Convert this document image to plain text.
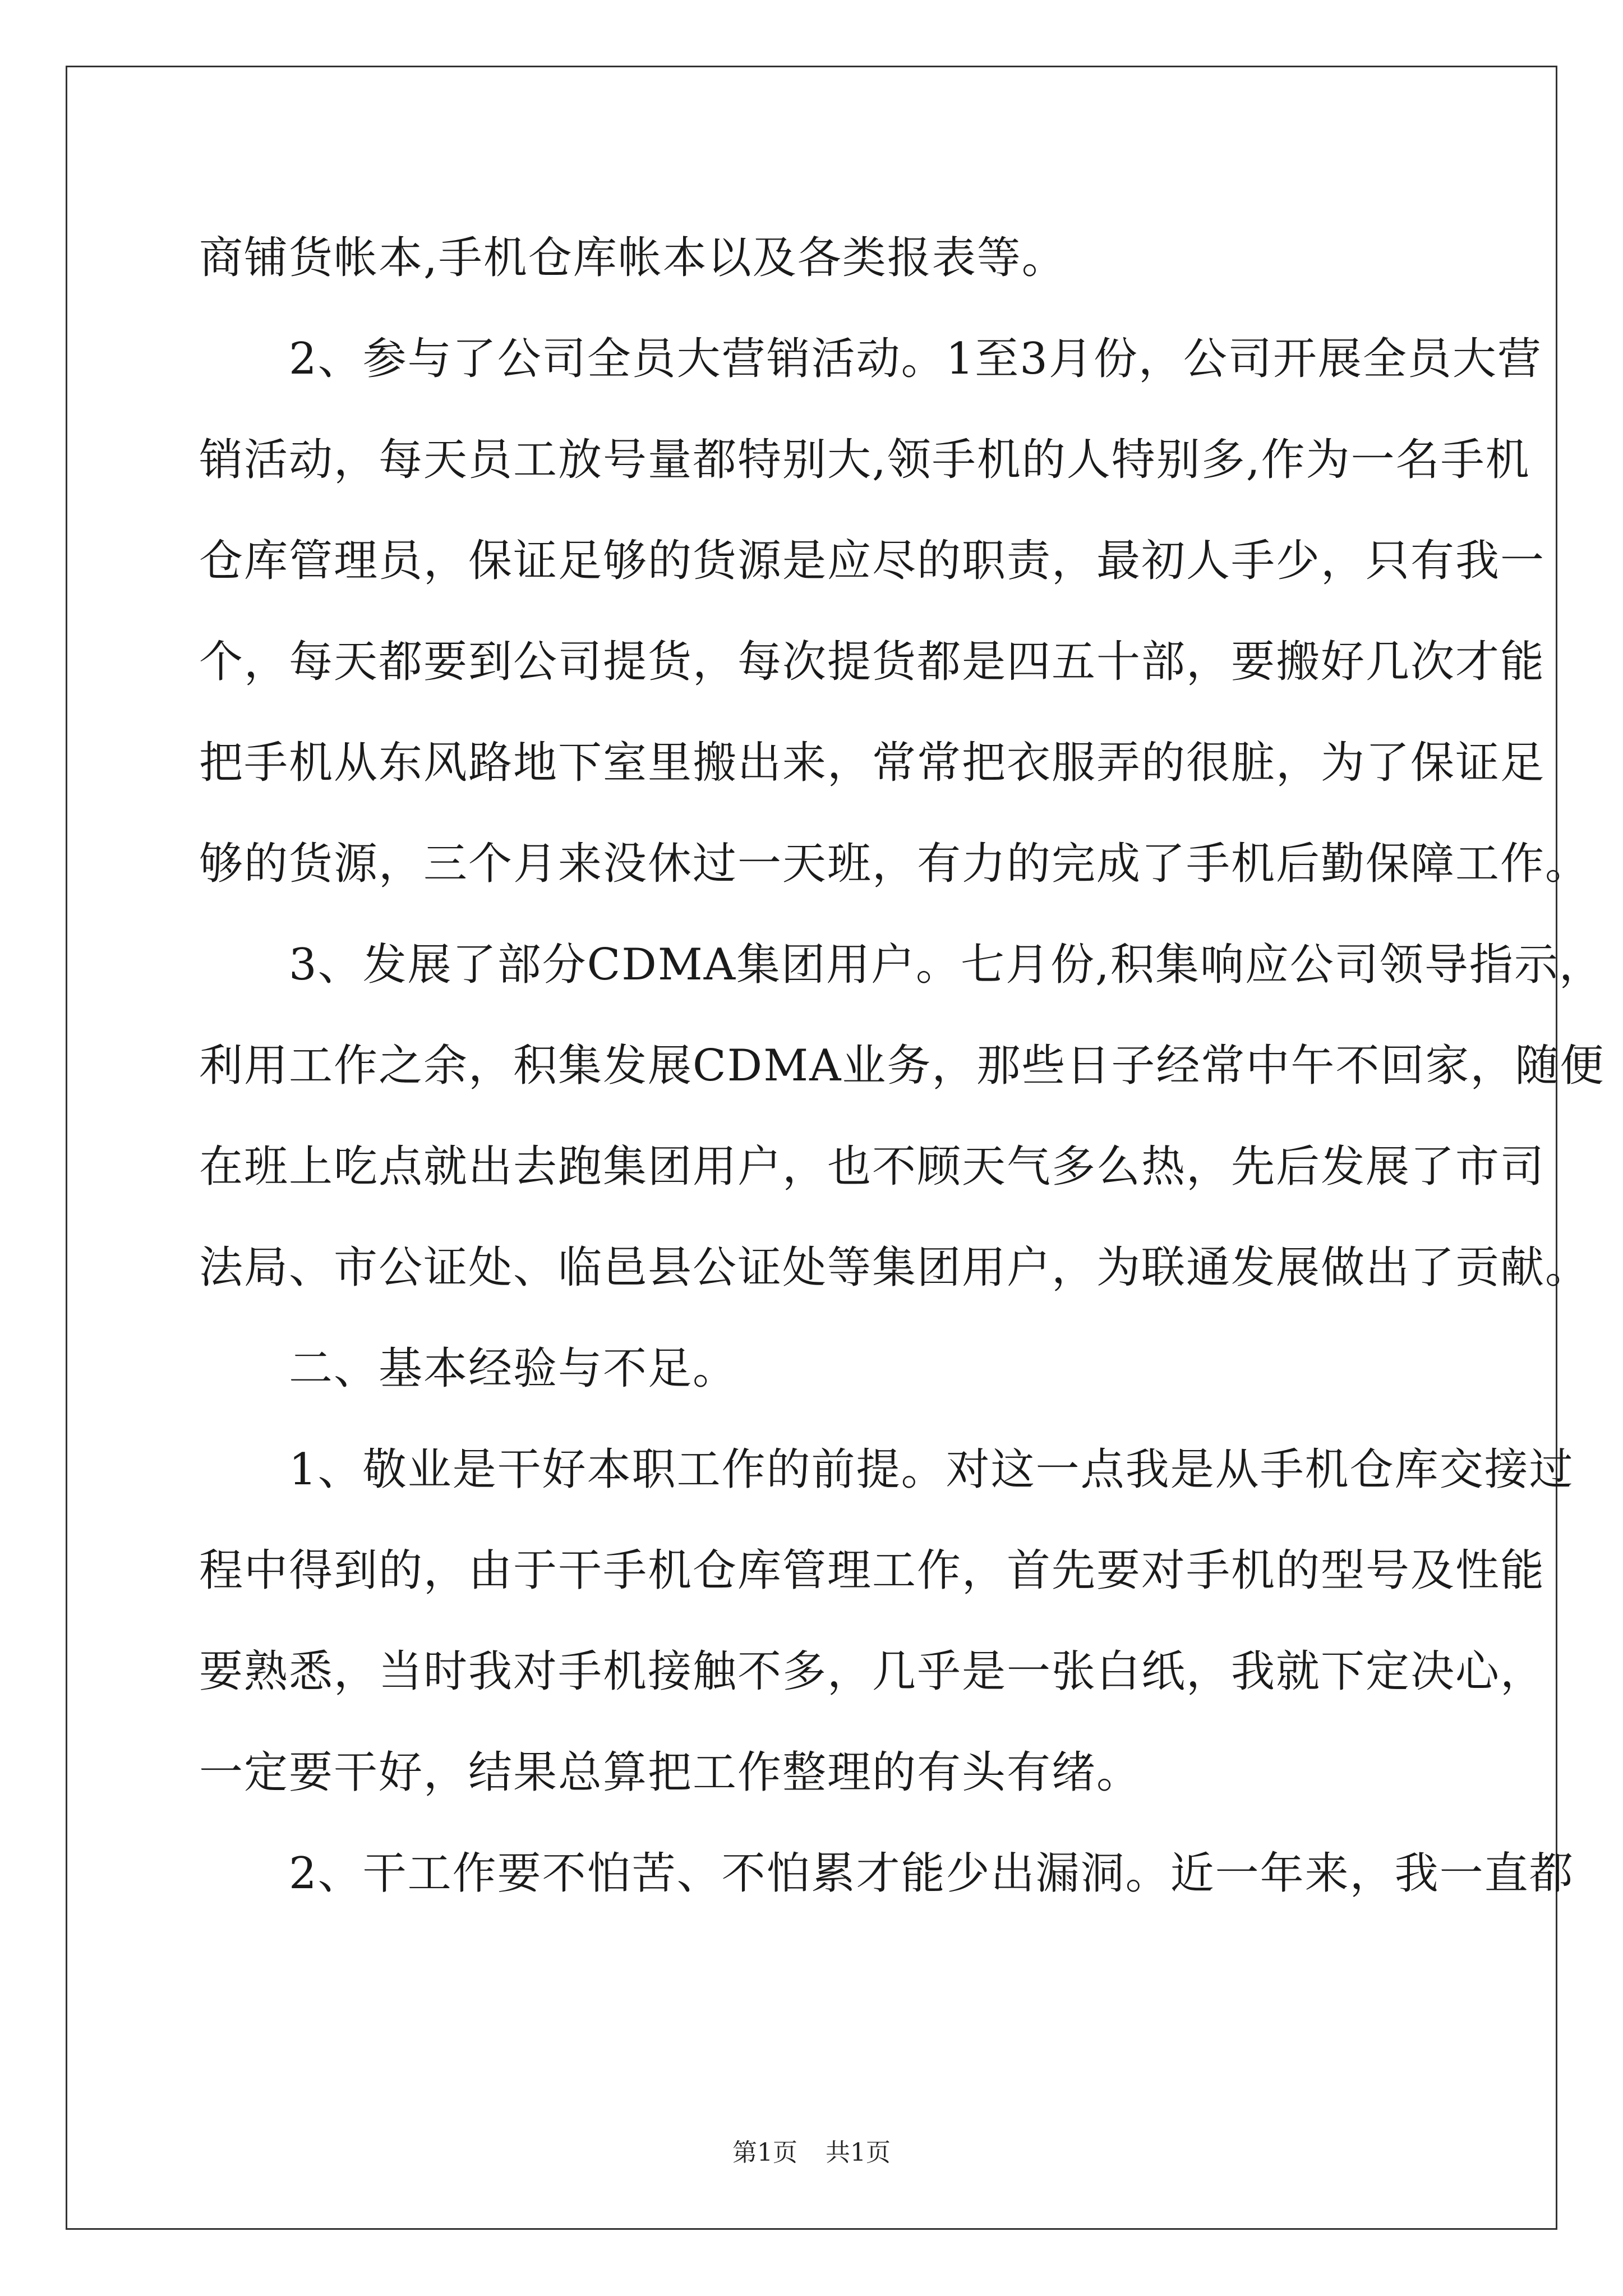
商铺货帐本,手机仓库帐本以及各类报表等。
　　2、参与了公司全员大营销活动。1至3月份，公司开展全员大营
销活动，每天员工放号量都特别大,领手机的人特别多,作为一名手机
仓库管理员，保证足够的货源是应尽的职责，最初人手少，只有我一
个，每天都要到公司提货，每次提货都是四五十部，要搬好几次才能
把手机从东风路地下室里搬出来，常常把衣服弄的很脏，为了保证足
够的货源，三个月来没休过一天班，有力的完成了手机后勤保障工作。
　　3、发展了部分CDMA集团用户。七月份,积集响应公司领导指示，
利用工作之余，积集发展CDMA业务，那些日子经常中午不回家，随便
在班上吃点就出去跑集团用户，也不顾天气多么热，先后发展了市司
法局、市公证处、临邑县公证处等集团用户，为联通发展做出了贡献。
　　二、基本经验与不足。
　　1、敬业是干好本职工作的前提。对这一点我是从手机仓库交接过
程中得到的，由于干手机仓库管理工作，首先要对手机的型号及性能
要熟悉，当时我对手机接触不多，几乎是一张白纸，我就下定决心，
一定要干好，结果总算把工作整理的有头有绪。
　　2、干工作要不怕苦、不怕累才能少出漏洞。近一年来，我一直都
第1页 共1页
